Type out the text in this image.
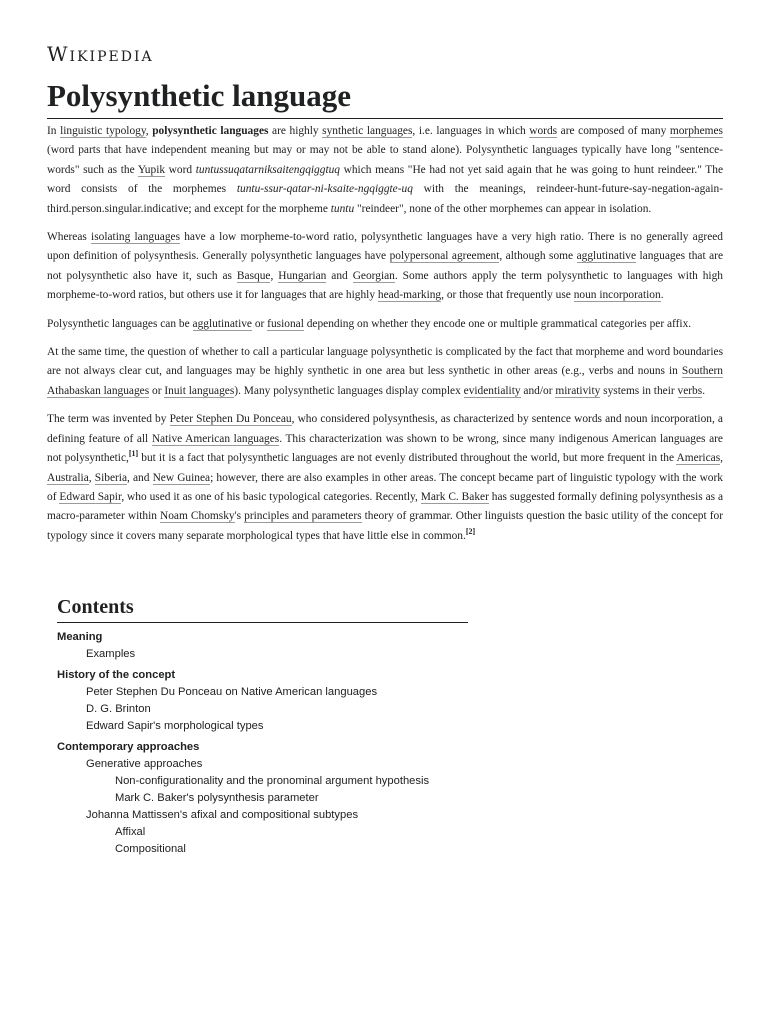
Wikipedia
Polysynthetic language

In linguistic typology, polysynthetic languages are highly synthetic languages, i.e. languages in which words are composed of many morphemes (word parts that have independent meaning but may or may not be able to stand alone). Polysynthetic languages typically have long "sentence-words" such as the Yupik word tuntussuqatarniksaitengqiggtuq which means "He had not yet said again that he was going to hunt reindeer." The word consists of the morphemes tuntu-ssur-qatar-ni-ksaite-ngqiggte-uq with the meanings, reindeer-hunt-future-say-negation-again-third.person.singular.indicative; and except for the morpheme tuntu "reindeer", none of the other morphemes can appear in isolation.

Whereas isolating languages have a low morpheme-to-word ratio, polysynthetic languages have a very high ratio. There is no generally agreed upon definition of polysynthesis. Generally polysynthetic languages have polypersonal agreement, although some agglutinative languages that are not polysynthetic also have it, such as Basque, Hungarian and Georgian. Some authors apply the term polysynthetic to languages with high morpheme-to-word ratios, but others use it for languages that are highly head-marking, or those that frequently use noun incorporation.

Polysynthetic languages can be agglutinative or fusional depending on whether they encode one or multiple grammatical categories per affix.

At the same time, the question of whether to call a particular language polysynthetic is complicated by the fact that morpheme and word boundaries are not always clear cut, and languages may be highly synthetic in one area but less synthetic in other areas (e.g., verbs and nouns in Southern Athabaskan languages or Inuit languages). Many polysynthetic languages display complex evidentiality and/or mirativity systems in their verbs.

The term was invented by Peter Stephen Du Ponceau, who considered polysynthesis, as characterized by sentence words and noun incorporation, a defining feature of all Native American languages. This characterization was shown to be wrong, since many indigenous American languages are not polysynthetic,[1] but it is a fact that polysynthetic languages are not evenly distributed throughout the world, but more frequent in the Americas, Australia, Siberia, and New Guinea; however, there are also examples in other areas. The concept became part of linguistic typology with the work of Edward Sapir, who used it as one of his basic typological categories. Recently, Mark C. Baker has suggested formally defining polysynthesis as a macro-parameter within Noam Chomsky's principles and parameters theory of grammar. Other linguists question the basic utility of the concept for typology since it covers many separate morphological types that have little else in common.[2]

Contents
Meaning
Examples
History of the concept
Peter Stephen Du Ponceau on Native American languages
D. G. Brinton
Edward Sapir's morphological types
Contemporary approaches
Generative approaches
Non-configurationality and the pronominal argument hypothesis
Mark C. Baker's polysynthesis parameter
Johanna Mattissen's afixal and compositional subtypes
Affixal
Compositional
